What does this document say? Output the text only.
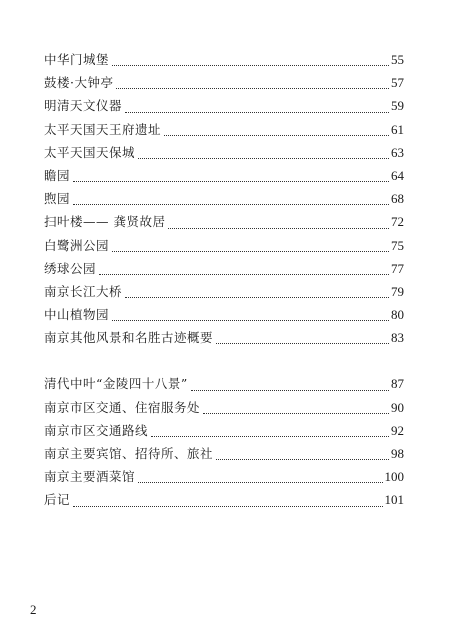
中华门城堡	55
鼓楼·大钟亭	57
明清天文仪器	59
太平天国天王府遗址	61
太平天国天保城	63
瞻园	64
煦园	68
扫叶楼—— 龚贤故居	72
白鹭洲公园	75
绣球公园	77
南京长江大桥	79
中山植物园	80
南京其他风景和名胜古迹概要	83
清代中叶“金陵四十八景”	87
南京市区交通、住宿服务处	90
南京市区交通路线	92
南京主要宾馆、招待所、旅社	98
南京主要酒菜馆	100
后记	101
2
